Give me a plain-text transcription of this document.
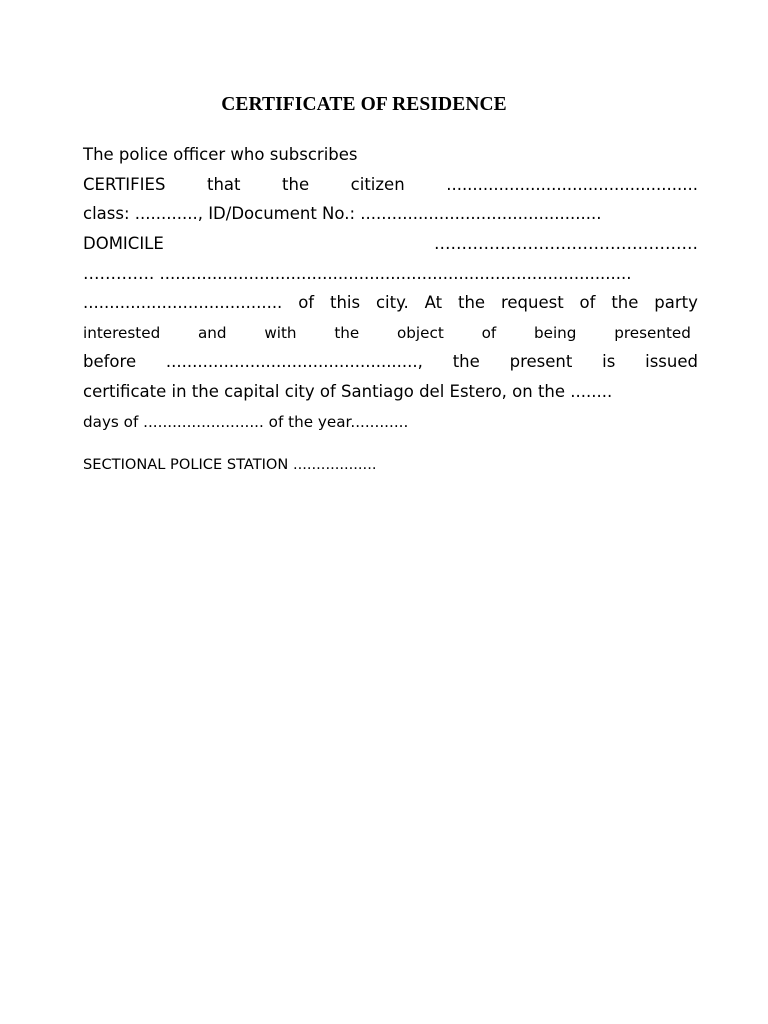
CERTIFICATE OF RESIDENCE

The police officer who subscribes

CERTIFIES	that	the	citizen	................................................

class: ............, ID/Document No.: ..............................................

DOMICILE	…………………………………………

…………. ..........................................................................................

...................................... of this city. At the request of the party

interested and with the object of being presented

before ................................................, the present is issued

certificate in the capital city of Santiago del Estero, on the ........

days of ......................... of the year............

SECTIONAL POLICE STATION ..................
